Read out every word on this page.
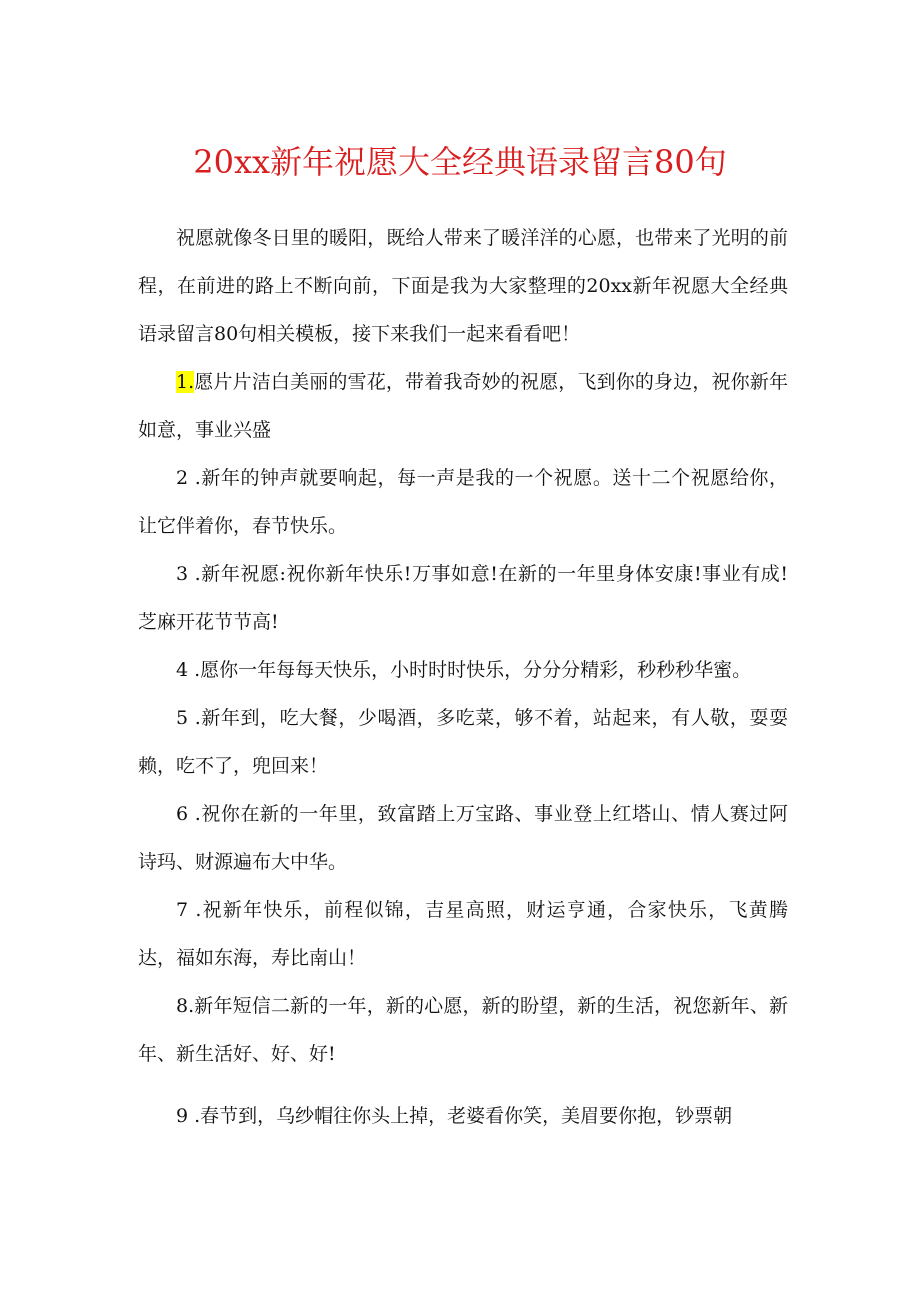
20xx新年祝愿大全经典语录留言80句

祝愿就像冬日里的暖阳，既给人带来了暖洋洋的心愿，也带来了光明的前程，在前进的路上不断向前，下面是我为大家整理的20xx新年祝愿大全经典语录留言80句相关模板，接下来我们一起来看看吧！

1.愿片片洁白美丽的雪花，带着我奇妙的祝愿，飞到你的身边，祝你新年如意，事业兴盛

2 .新年的钟声就要响起，每一声是我的一个祝愿。送十二个祝愿给你，让它伴着你，春节快乐。

3 .新年祝愿:祝你新年快乐!万事如意!在新的一年里身体安康!事业有成!芝麻开花节节高!

4 .愿你一年每每天快乐，小时时时快乐，分分分精彩，秒秒秒华蜜。

5 .新年到，吃大餐，少喝酒，多吃菜，够不着，站起来，有人敬，耍耍赖，吃不了，兜回来！

6 .祝你在新的一年里，致富踏上万宝路、事业登上红塔山、情人赛过阿诗玛、财源遍布大中华。

7 .祝新年快乐，前程似锦，吉星高照，财运亨通，合家快乐，飞黄腾达，福如东海，寿比南山！

8.新年短信二新的一年，新的心愿，新的盼望，新的生活，祝您新年、新年、新生活好、好、好!

9 .春节到，乌纱帽往你头上掉，老婆看你笑，美眉要你抱，钞票朝
